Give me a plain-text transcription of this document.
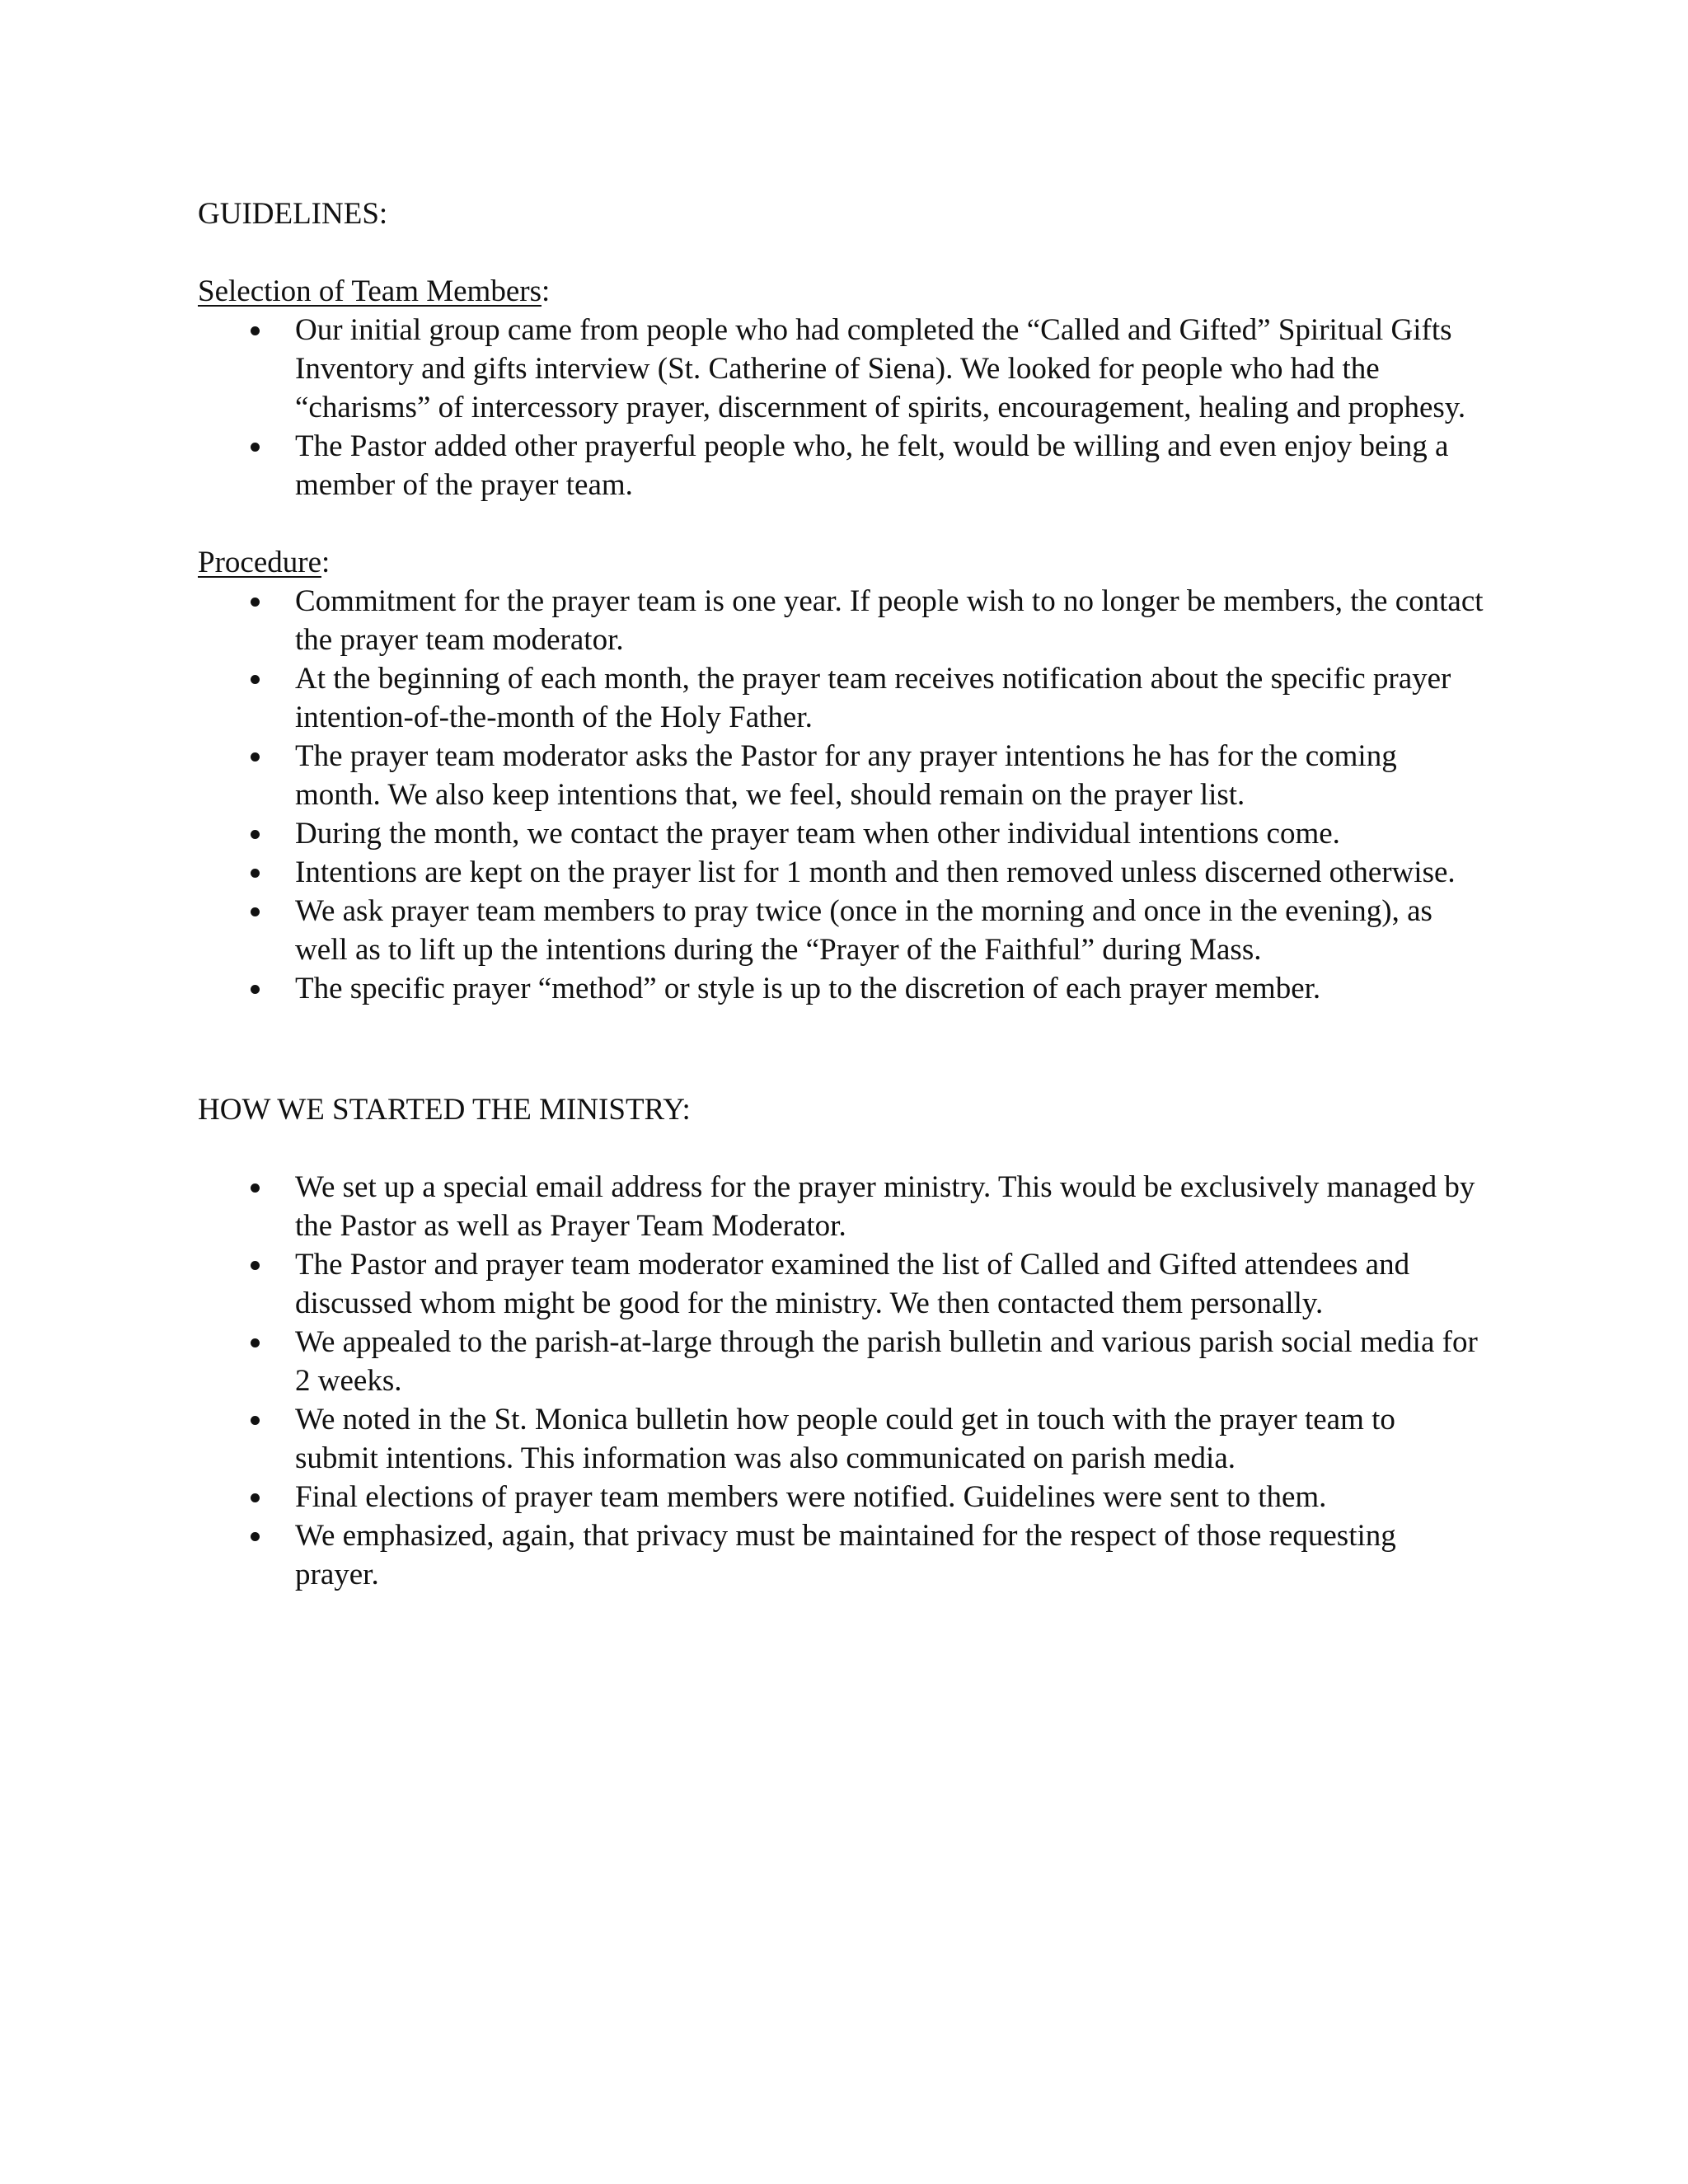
GUIDELINES:

Selection of Team Members:

Our initial group came from people who had completed the “Called and Gifted” Spiritual Gifts Inventory and gifts interview (St. Catherine of Siena). We looked for people who had the “charisms” of intercessory prayer, discernment of spirits, encouragement, healing and prophesy.
The Pastor added other prayerful people who, he felt, would be willing and even enjoy being a member of the prayer team.

Procedure:

Commitment for the prayer team is one year. If people wish to no longer be members, the contact the prayer team moderator.
At the beginning of each month, the prayer team receives notification about the specific prayer intention-of-the-month of the Holy Father.
The prayer team moderator asks the Pastor for any prayer intentions he has for the coming month. We also keep intentions that, we feel, should remain on the prayer list.
During the month, we contact the prayer team when other individual intentions come.
Intentions are kept on the prayer list for 1 month and then removed unless discerned otherwise.
We ask prayer team members to pray twice (once in the morning and once in the evening), as well as to lift up the intentions during the “Prayer of the Faithful” during Mass.
The specific prayer “method” or style is up to the discretion of each prayer member.

HOW WE STARTED THE MINISTRY:

We set up a special email address for the prayer ministry. This would be exclusively managed by the Pastor as well as Prayer Team Moderator.
The Pastor and prayer team moderator examined the list of Called and Gifted attendees and discussed whom might be good for the ministry. We then contacted them personally.
We appealed to the parish-at-large through the parish bulletin and various parish social media for 2 weeks.
We noted in the St. Monica bulletin how people could get in touch with the prayer team to submit intentions. This information was also communicated on parish media.
Final elections of prayer team members were notified. Guidelines were sent to them.
We emphasized, again, that privacy must be maintained for the respect of those requesting prayer.
